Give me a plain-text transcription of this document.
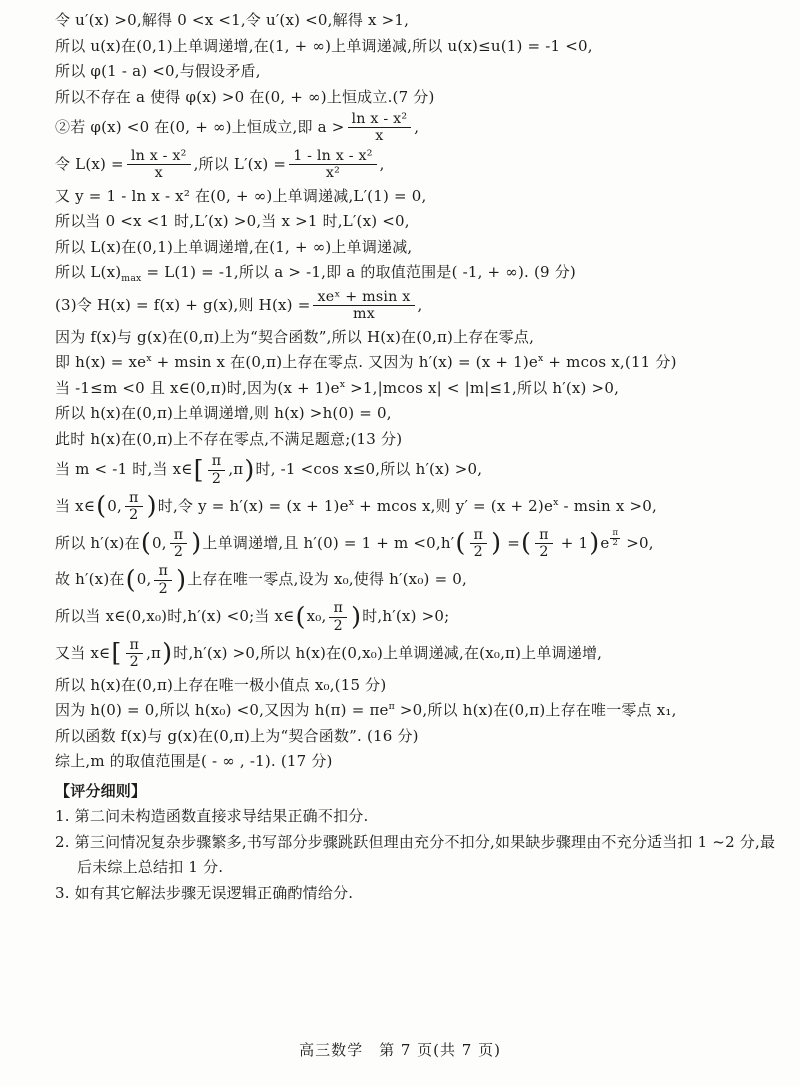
令 u′(x) >0,解得 0 <x <1,令 u′(x) <0,解得 x >1,
所以 u(x)在(0,1)上单调递增,在(1, + ∞)上单调递减,所以 u(x)≤u(1) = -1 <0,
所以 φ(1 - a) <0,与假设矛盾,
所以不存在 a 使得 φ(x) >0 在(0, + ∞)上恒成立.(7 分)
②若 φ(x) <0 在(0, + ∞)上恒成立,即 $a > \frac{\text{ln x - x²}}{x}$ ,
令 $L(x) = \frac{\text{ln x - x²}}{x}$ ,所以 $L'(x) = \frac{\text{1 - ln x - x²}}{\text{x²}}$ ,
又 y = 1 - ln x - x² 在(0, + ∞)上单调递减,L′(1) = 0,
所以当 0 <x <1 时,L′(x) >0,当 x >1 时,L′(x) <0,
所以 L(x)在(0,1)上单调递增,在(1, + ∞)上单调递减,
所以 $L(x)_{max} = L(1) = -1$,所以 a > -1,即 a 的取值范围是( -1, + ∞). (9 分)
(3)令 H(x) = f(x) + g(x),则 $H(x) = \frac{\text{xeˣ + msin x}}{mx}$ ,
因为 f(x)与 g(x)在(0,π)上为“契合函数”,所以 H(x)在(0,π)上存在零点,
即 $h(x) = xe^x + msin$ x 在(0,π)上存在零点. 又因为 $h'(x) = (x + 1)e^x + mcos$ x,(11 分)
当 -1≤m <0 且 x∈(0,π)时,因为$(x + 1)e^x >1,|mcos$ x| < |m|≤1,所以 h′(x) >0,
所以 h(x)在(0,π)上单调递增,则 h(x) >h(0) = 0,
此时 h(x)在(0,π)上不存在零点,不满足题意;(13 分)
当 m < -1 时,当 x∈[ $\frac{\pi}{2} ,\pi$)时, -1 <cos x≤0,所以 h′(x) >0,
当 x∈(0, $\frac{\pi}{2}$ )时,令 $y = h'(x) = (x + 1)e^x + mcos$ x,则 $y' = (x + 2)e^x - msin$ x >0,
所以 h′(x)在(0, $\frac{\pi}{2}$ )上单调递增,且 $h'(0) = 1 + m <0,h'( \frac{\pi}{2}$ ) =( $\frac{\pi}{2} + 1)e$ $^{\frac{\pi}{2}}$ >0,
故 h′(x)在(0, $\frac{\pi}{2}$ )上存在唯一零点,设为 x₀,使得 h′(x₀) = 0,
所以当 x∈(0,x₀)时,h′(x) <0;当 x∈(x₀, $\frac{\pi}{2}$ )时,h′(x) >0;
又当 x∈[ $\frac{\pi}{2} ,\pi$)时,h′(x) >0,所以 h(x)在(0,x₀)上单调递减,在(x₀,π)上单调递增,
所以 h(x)在(0,π)上存在唯一极小值点 x₀,(15 分)
因为 h(0) = 0,所以 h(x₀) <0,又因为 $h(\pi) = \pi e^\pi >0$,所以 h(x)在(0,π)上存在唯一零点 x₁,
所以函数 f(x)与 g(x)在(0,π)上为“契合函数”. (16 分)
综上,m 的取值范围是( - ∞ , -1). (17 分)
【评分细则】
1. 第二问未构造函数直接求导结果正确不扣分.
2. 第三问情况复杂步骤繁多,书写部分步骤跳跃但理由充分不扣分,如果缺步骤理由不充分适当扣 1 ~2 分,最
后未综上总结扣 1 分.
3. 如有其它解法步骤无误逻辑正确酌情给分.
高三数学　第 7 页(共 7 页)
